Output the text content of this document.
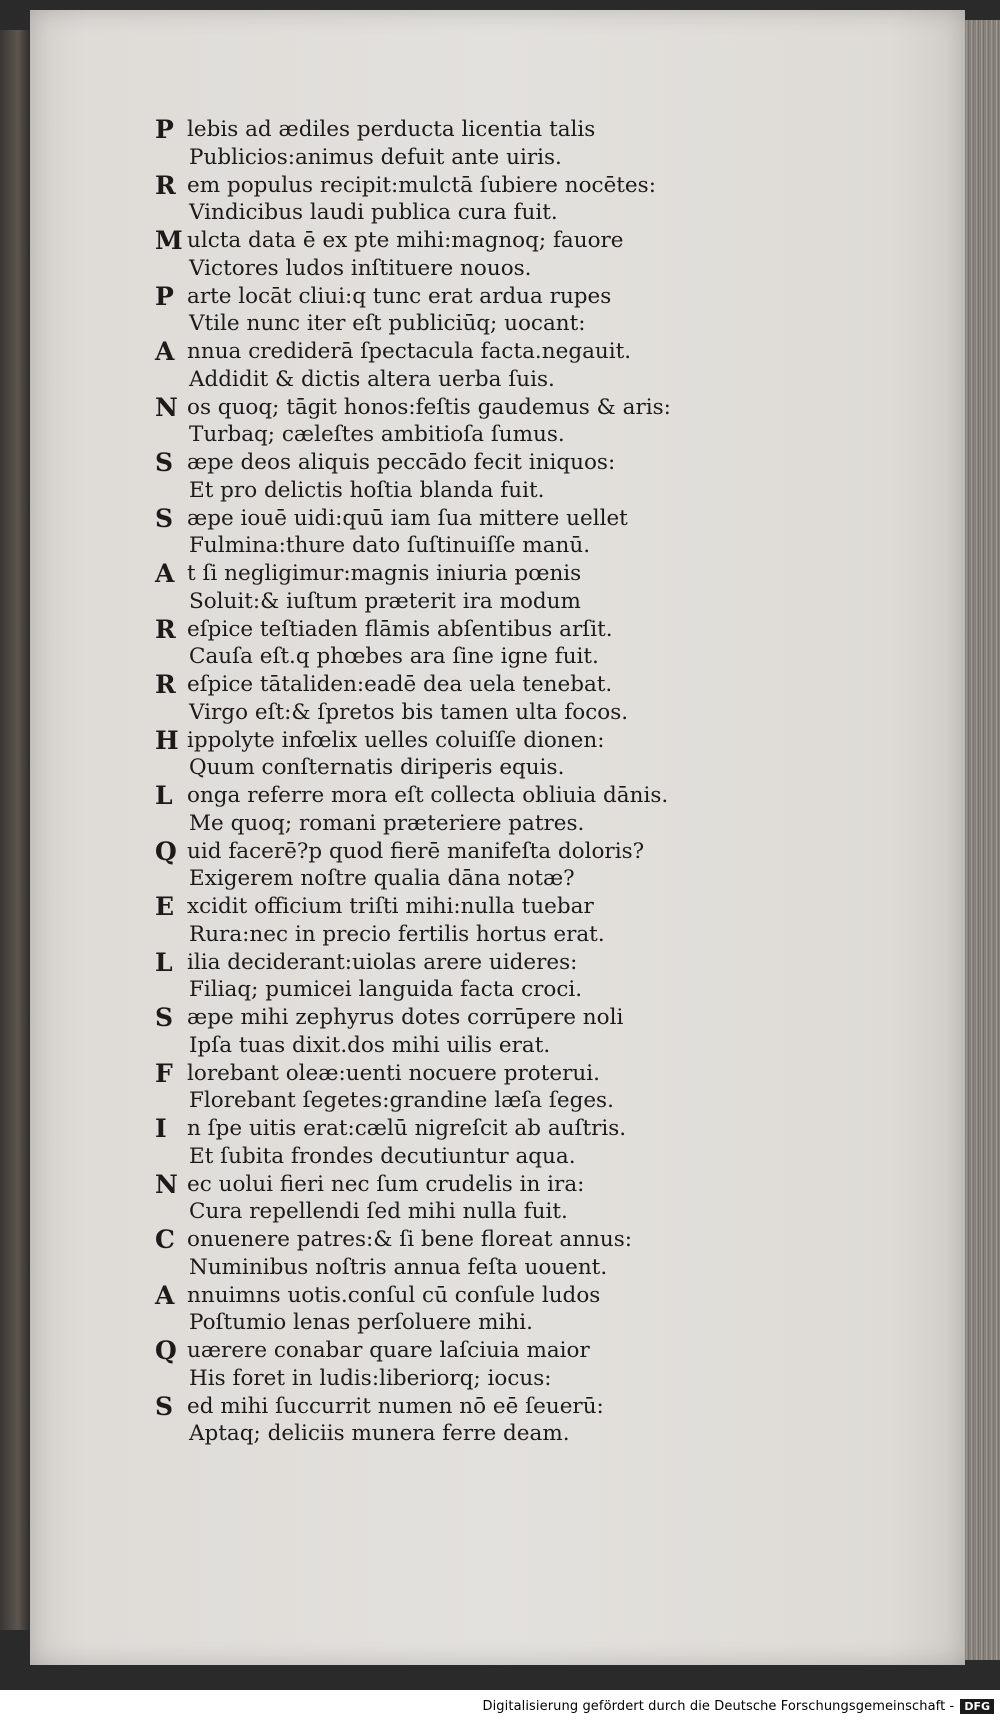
P lebis ad ædiles perducta licentia talis
Publicios:animus defuit ante uiris.
R em populus recipit:mulctā ſubiere nocētes:
Vindicibus laudi publica cura fuit.
M ulcta data ē ex pte mihi:magnoq; fauore
Victores ludos inſtituere nouos.
P arte locāt cliui:q tunc erat ardua rupes
Vtile nunc iter eſt publiciūq; uocant:
A nnua crediderā ſpectacula facta.negauit.
Addidit & dictis altera uerba ſuis.
N os quoq; tāgit honos:feſtis gaudemus & aris:
Turbaq; cæleſtes ambitioſa ſumus.
S æpe deos aliquis peccādo fecit iniquos:
Et pro delictis hoſtia blanda fuit.
S æpe iouē uidi:quū iam ſua mittere uellet
Fulmina:thure dato ſuſtinuiſſe manū.
A t ſi negligimur:magnis iniuria pœnis
Soluit:& iuſtum præterit ira modum
R eſpice teſtiaden flāmis abſentibus arſit.
Cauſa eſt.q phœbes ara ſine igne fuit.
R eſpice tātaliden:eadē dea uela tenebat.
Virgo eſt:& ſpretos bis tamen ulta focos.
H ippolyte infœlix uelles coluiſſe dionen:
Quum conſternatis diriperis equis.
L onga referre mora eſt collecta obliuia dānis.
Me quoq; romani præteriere patres.
Q uid facerē?p quod fierē manifeſta doloris?
Exigerem noſtre qualia dāna notæ?
E xcidit officium triſti mihi:nulla tuebar
Rura:nec in precio fertilis hortus erat.
L ilia deciderant:uiolas arere uideres:
Filiaq; pumicei languida facta croci.
S æpe mihi zephyrus dotes corrūpere noli
Ipſa tuas dixit.dos mihi uilis erat.
F lorebant oleæ:uenti nocuere proterui.
Florebant ſegetes:grandine læſa ſeges.
I n ſpe uitis erat:cælū nigreſcit ab auſtris.
Et ſubita frondes decutiuntur aqua.
N ec uolui fieri nec ſum crudelis in ira:
Cura repellendi ſed mihi nulla fuit.
C onuenere patres:& ſi bene floreat annus:
Numinibus noſtris annua feſta uouent.
A nnuimns uotis.conſul cū conſule ludos
Poſtumio lenas perſoluere mihi.
Q uærere conabar quare laſciuia maior
His foret in ludis:liberiorq; iocus:
S ed mihi ſuccurrit numen nō eē ſeuerū:
Aptaq; deliciis munera ferre deam.
Digitalisierung gefördert durch die Deutsche Forschungsgemeinschaft - DFG
